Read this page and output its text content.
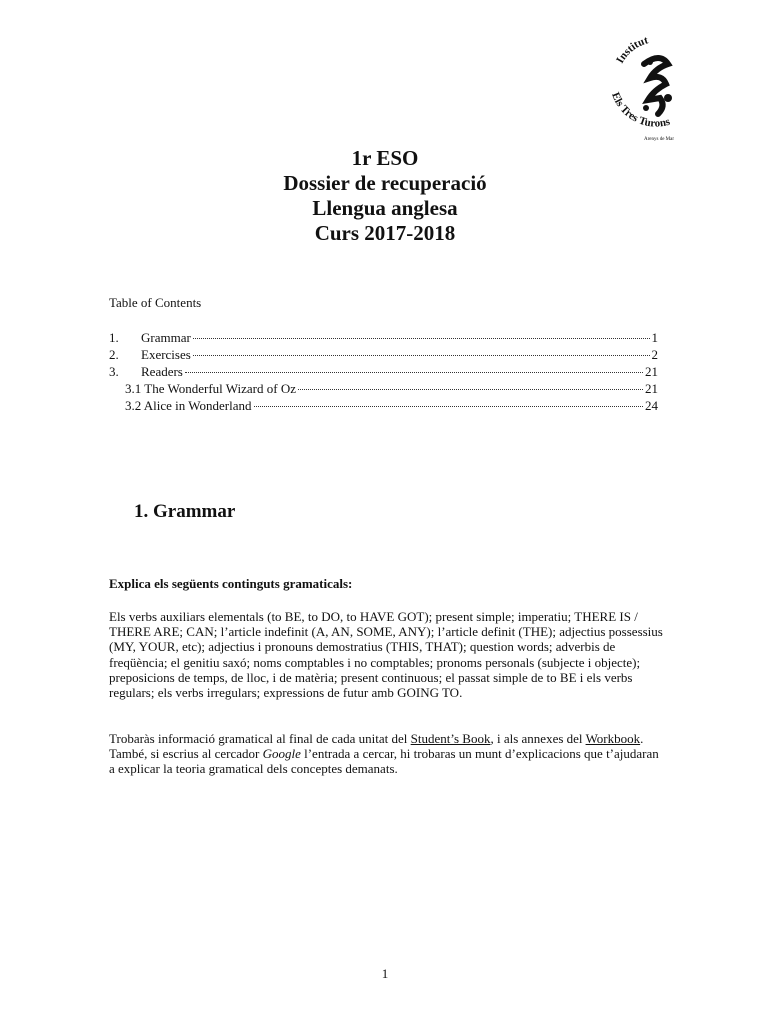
Institut
Els Tres Turons
Arenys de Mar
1r ESO
Dossier de recuperació
Llengua anglesa
Curs 2017-2018
Table of Contents
1.	Grammar	1
2.	Exercises	2
3.	Readers	21
3.1 The Wonderful Wizard of Oz	21
3.2 Alice in Wonderland	24
1. Grammar
Explica els següents continguts gramaticals:
Els verbs auxiliars elementals (to BE, to DO, to HAVE GOT); present simple; imperatiu; THERE IS / THERE ARE; CAN; l’article indefinit (A, AN, SOME, ANY); l’article definit (THE); adjectius possessius (MY, YOUR, etc); adjectius i pronouns demostratius (THIS, THAT); question words; adverbis de freqüència; el genitiu saxó; noms comptables i no comptables; pronoms personals (subjecte i objecte); preposicions de temps, de lloc, i de matèria; present continuous; el passat simple de to BE i els verbs regulars; els verbs irregulars; expressions de futur amb GOING TO.
Trobaràs informació gramatical al final de cada unitat del Student’s Book, i als annexes del Workbook. També, si escrius al cercador Google l’entrada a cercar, hi trobaras un munt d’explicacions que t’ajudaran a explicar la teoria gramatical dels conceptes demanats.
1
